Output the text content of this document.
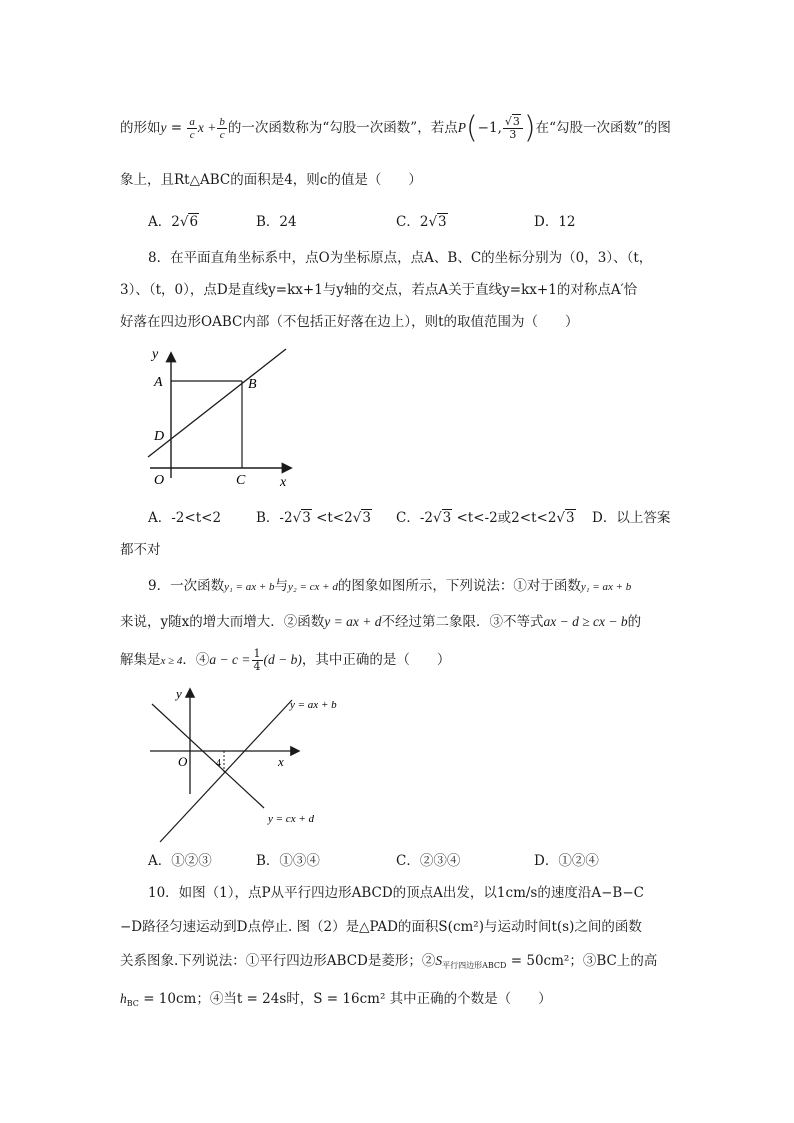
的形如$y = \frac{a}{c}$ $x + \frac{b}{c}$ 的一次函数称为“勾股一次函数”，若点P(−1, $\frac{√3}{3}$ )在“勾股一次函数”的图
象上，且Rt△ABC的面积是4，则c的值是（　　）
A．2√6	B．24	C．2√3	D．12
8．在平面直角坐标系中，点O为坐标原点，点A、B、C的坐标分别为（0，3）、（t，
3）、（t，0），点D是直线y=kx+1与y轴的交点，若点A关于直线y=kx+1的对称点A′恰
好落在四边形OABC内部（不包括正好落在边上），则t的取值范围为（　　）
y
A	B
D
O	C x
A．-2<t<2	B．-2√3 <t<2√3 C．-2√3 <t<-2或2<t<2√3 D．以上答案
都不对
9．一次函数y₁ = ax + b与y₂ = cx + d的图象如图所示，下列说法：①对于函数y₁ = ax + b
来说，y随x的增大而增大．②函数y = ax + d不经过第二象限．③不等式ax − d ≥ cx − b的
解集是x ≥ 4．④a − $c = \frac{1}{4} (d - b)$，其中正确的是（　　）
y
O	4	x
y = ax + b
y = cx + d
A．①②③	B．①③④	C．②③④	D．①②④
10．如图（1），点P从平行四边形ABCD的顶点A出发，以1cm/s的速度沿A−B−C
−D路径匀速运动到D点停止. 图（2）是△PAD的面积S(cm²)与运动时间t(s)之间的函数
关系图象.下列说法：①平行四边形ABCD是菱形；$②S_{平行四边形ABCD} = 50cm^2$；③BC上的高
$h_{BC} = 10cm$；④当t = 24s时，S = 16cm² 其中正确的个数是（　　）
